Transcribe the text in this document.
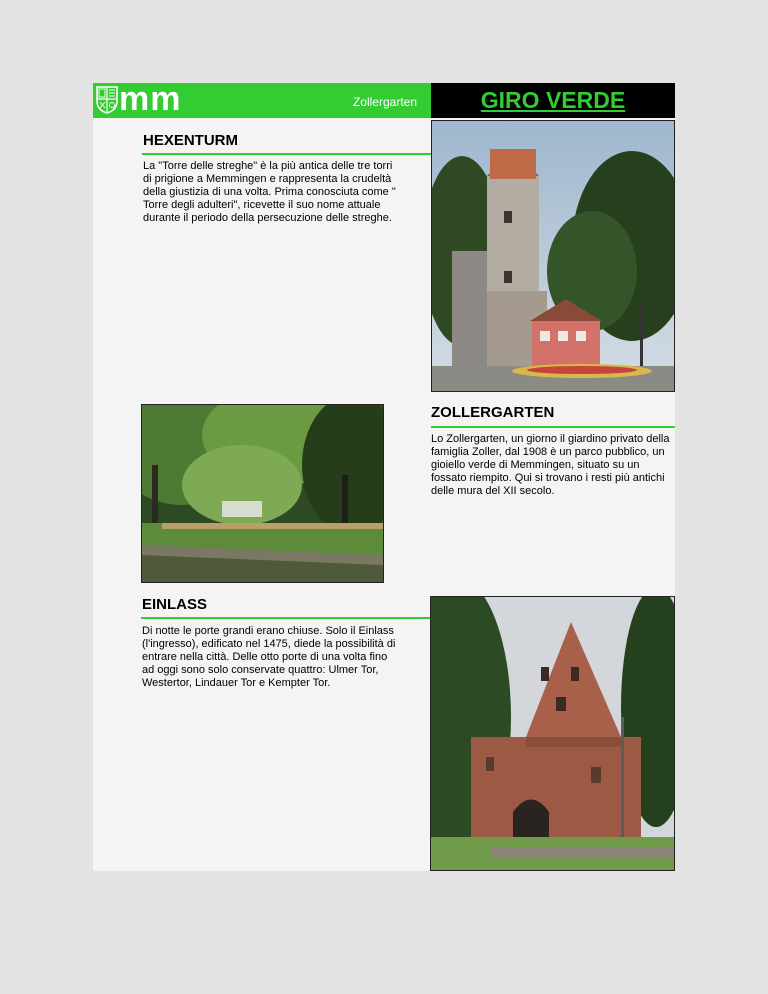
mm	Zollergarten	GIRO VERDE
HEXENTURM
La "Torre delle streghe" è la più antica delle tre torri di prigione a Memmingen e rappresenta la crudeltà della giustizia di una volta. Prima conosciuta come " Torre degli adulteri", ricevette il suo nome attuale durante il periodo della persecuzione delle streghe.
ZOLLERGARTEN
Lo Zollergarten, un giorno il giardino privato della famiglia Zoller, dal 1908 è un parco pubblico, un gioiello verde di Memmingen, situato su un fossato riempito. Qui si trovano i resti più antichi delle mura del XII secolo.
EINLASS
Di notte le porte grandi erano chiuse. Solo il Einlass (l'ingresso), edificato nel 1475, diede la possibilità di entrare nella città. Delle otto porte di una volta fino ad oggi sono solo conservate quattro: Ulmer Tor, Westertor, Lindauer Tor e Kempter Tor.
